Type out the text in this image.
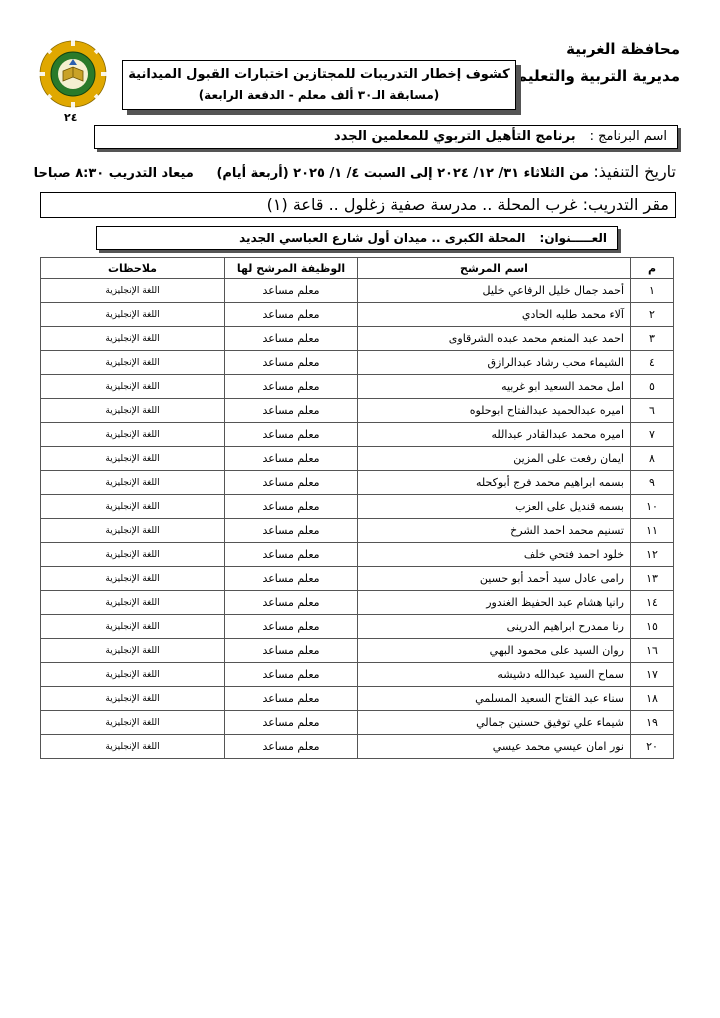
محافظة الغربية
مديرية التربية والتعليم
كشوف إخطار التدريبات للمجتازين اختبارات القبول الميدانية
(مسابقة الـ٣٠ ألف معلم - الدفعة الرابعة)
٢٤
اسم البرنامج :برنامج التأهيل التربوي للمعلمين الجدد
تاريخ التنفيذ: من الثلاثاء ٣١/ ١٢/ ٢٠٢٤ إلى السبت ٤/ ١/ ٢٠٢٥ (أربعة أيام)     ميعاد التدريب ٨:٣٠ صباحا
مقر التدريب: غرب المحلة .. مدرسة صفية زغلول .. قاعة (١)
العـــــنوان: المحلة الكبرى .. ميدان أول شارع العباسي الجديد
م	اسم المرشح	الوظيفة المرشح لها	ملاحظات
١	أحمد جمال خليل الرفاعي خليل	معلم مساعد	اللغة الإنجليزية
٢	آلاء محمد طلبه الحادي	معلم مساعد	اللغة الإنجليزية
٣	احمد عبد المنعم محمد عبده الشرقاوى	معلم مساعد	اللغة الإنجليزية
٤	الشيماء محب رشاد عبدالرازق	معلم مساعد	اللغة الإنجليزية
٥	امل محمد السعيد ابو غربيه	معلم مساعد	اللغة الإنجليزية
٦	اميره عبدالحميد عبدالفتاح ابوحلوه	معلم مساعد	اللغة الإنجليزية
٧	اميره محمد عبدالقادر عبدالله	معلم مساعد	اللغة الإنجليزية
٨	ايمان رفعت على المزين	معلم مساعد	اللغة الإنجليزية
٩	بسمه ابراهيم محمد فرج أبوكحله	معلم مساعد	اللغة الإنجليزية
١٠	بسمه قنديل على العزب	معلم مساعد	اللغة الإنجليزية
١١	تسنيم محمد احمد الشرخ	معلم مساعد	اللغة الإنجليزية
١٢	خلود احمد فتحي خلف	معلم مساعد	اللغة الإنجليزية
١٣	رامى عادل سيد أحمد أبو حسين	معلم مساعد	اللغة الإنجليزية
١٤	رانيا هشام عبد الحفيظ الغندور	معلم مساعد	اللغة الإنجليزية
١٥	رنا ممدرح ابراهيم الدرينى	معلم مساعد	اللغة الإنجليزية
١٦	روان السيد على محمود البهي	معلم مساعد	اللغة الإنجليزية
١٧	سماح السيد عبدالله دشيشه	معلم مساعد	اللغة الإنجليزية
١٨	سناء عبد الفتاح السعيد المسلمي	معلم مساعد	اللغة الإنجليزية
١٩	شيماء علي توفيق حسنين جمالي	معلم مساعد	اللغة الإنجليزية
٢٠	نور امان عيسي محمد عيسي	معلم مساعد	اللغة الإنجليزية
